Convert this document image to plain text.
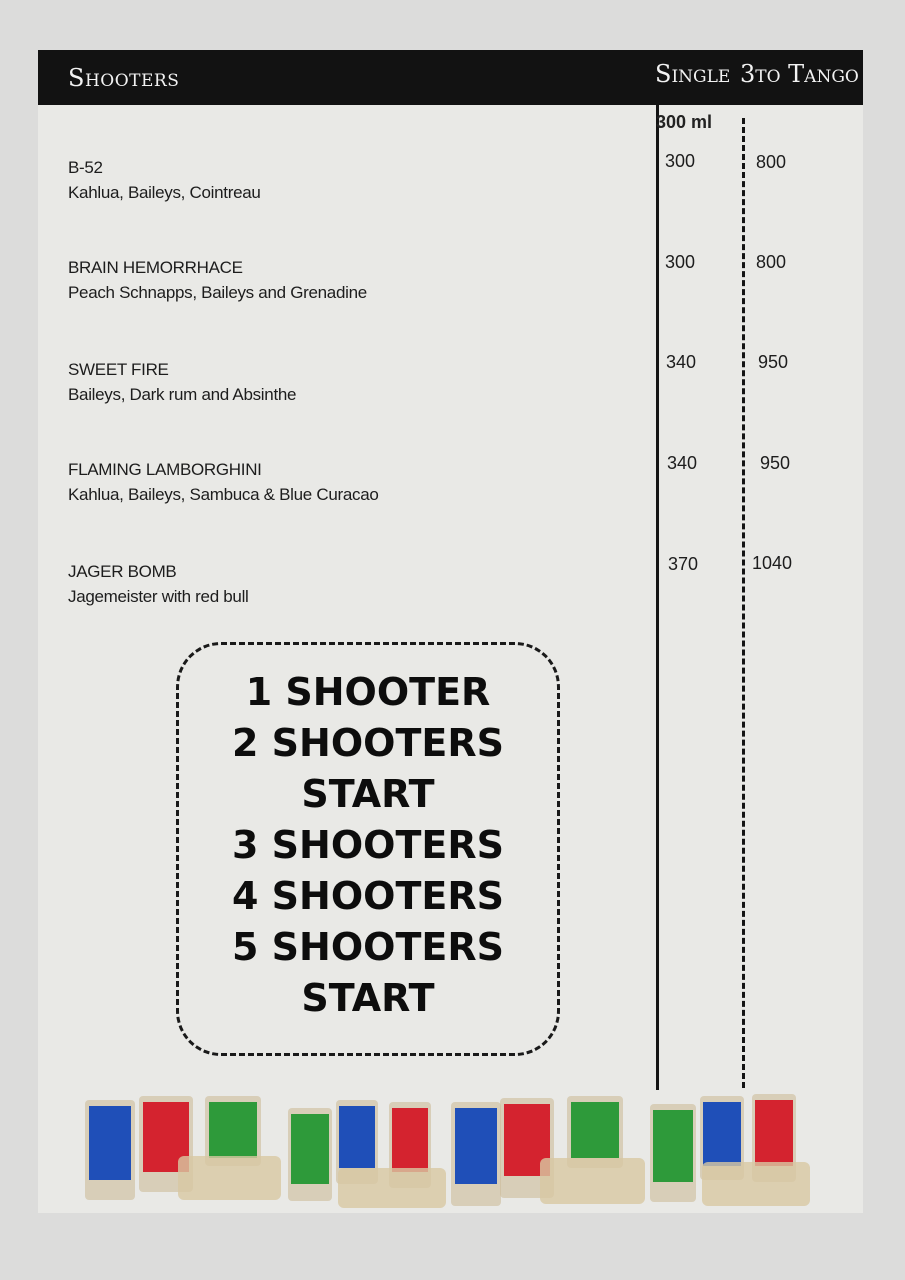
Shooters	Single 3to Tango
300 ml
B-52
Kahlua, Baileys, Cointreau
300	800
BRAIN HEMORRHACE
Peach Schnapps, Baileys and Grenadine
300	800
SWEET FIRE
Baileys, Dark rum and Absinthe
340	950
FLAMING LAMBORGHINI
Kahlua, Baileys, Sambuca & Blue Curacao
340	950
JAGER BOMB
Jagemeister with red bull
370	1040
1 SHOOTER
2 SHOOTERS
START
3 SHOOTERS
4 SHOOTERS
5 SHOOTERS
START
